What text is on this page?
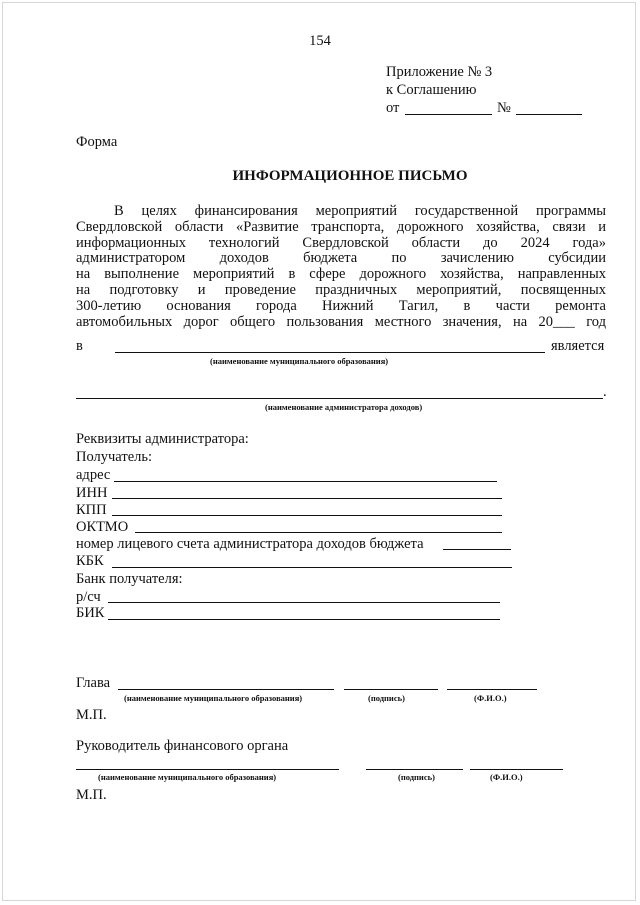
154
Приложение № 3
к Соглашению
от	№
Форма
ИНФОРМАЦИОННОЕ ПИСЬМО
В целях финансирования мероприятий государственной программы
Свердловской области «Развитие транспорта, дорожного хозяйства, связи и
информационных технологий Свердловской области до 2024 года»
администратором доходов бюджета по зачислению субсидии
на выполнение мероприятий в сфере дорожного хозяйства, направленных
на подготовку и проведение праздничных мероприятий, посвященных
300-летию основания города Нижний Тагил, в части ремонта
автомобильных дорог общего пользования местного значения, на 20___ год
в	является
(наименование муниципального образования)
.
(наименование администратора доходов)
Реквизиты администратора:
Получатель:
адрес
ИНН
КПП
ОКТМО
номер лицевого счета администратора доходов бюджета
КБК
Банк получателя:
р/сч
БИК
Глава
(наименование муниципального образования)	(подпись)	(Ф.И.О.)
М.П.
Руководитель финансового органа
(наименование муниципального образования)	(подпись)	(Ф.И.О.)
М.П.
